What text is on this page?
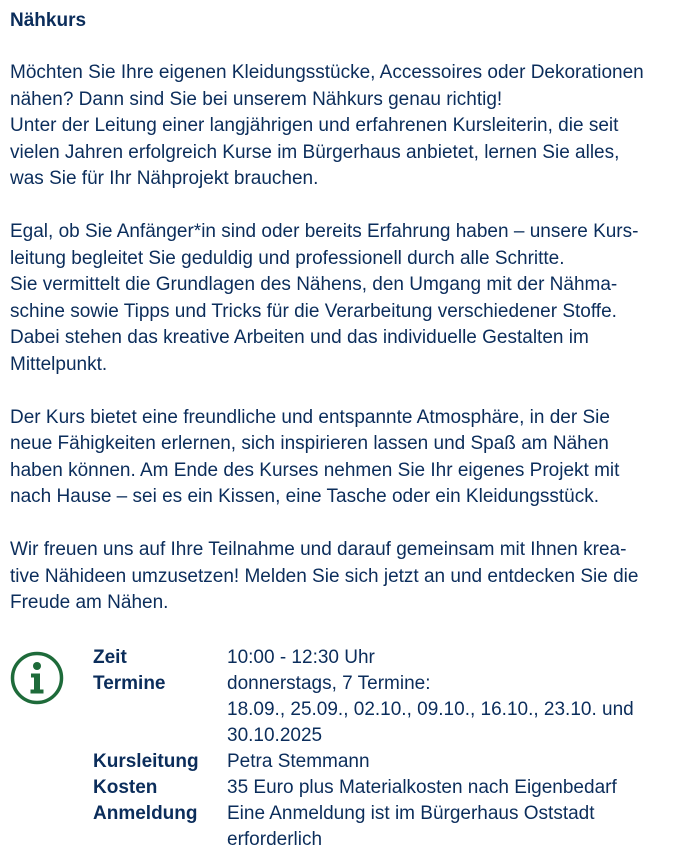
Nähkurs
Möchten Sie Ihre eigenen Kleidungsstücke, Accessoires oder Dekorationen
nähen? Dann sind Sie bei unserem Nähkurs genau richtig!
Unter der Leitung einer langjährigen und erfahrenen Kursleiterin, die seit
vielen Jahren erfolgreich Kurse im Bürgerhaus anbietet, lernen Sie alles,
was Sie für Ihr Nähprojekt brauchen.
Egal, ob Sie Anfänger*in sind oder bereits Erfahrung haben – unsere Kurs-
leitung begleitet Sie geduldig und professionell durch alle Schritte.
Sie vermittelt die Grundlagen des Nähens, den Umgang mit der Nähma-
schine sowie Tipps und Tricks für die Verarbeitung verschiedener Stoffe.
Dabei stehen das kreative Arbeiten und das individuelle Gestalten im
Mittelpunkt.
Der Kurs bietet eine freundliche und entspannte Atmosphäre, in der Sie
neue Fähigkeiten erlernen, sich inspirieren lassen und Spaß am Nähen
haben können. Am Ende des Kurses nehmen Sie Ihr eigenes Projekt mit
nach Hause – sei es ein Kissen, eine Tasche oder ein Kleidungsstück.
Wir freuen uns auf Ihre Teilnahme und darauf gemeinsam mit Ihnen krea-
tive Nähideen umzusetzen! Melden Sie sich jetzt an und entdecken Sie die
Freude am Nähen.
Zeit	10:00 - 12:30 Uhr
Termine	donnerstags, 7 Termine:
18.09., 25.09., 02.10., 09.10., 16.10., 23.10. und
30.10.2025
Kursleitung	Petra Stemmann
Kosten	35 Euro plus Materialkosten nach Eigenbedarf
Anmeldung	Eine Anmeldung ist im Bürgerhaus Oststadt
erforderlich
